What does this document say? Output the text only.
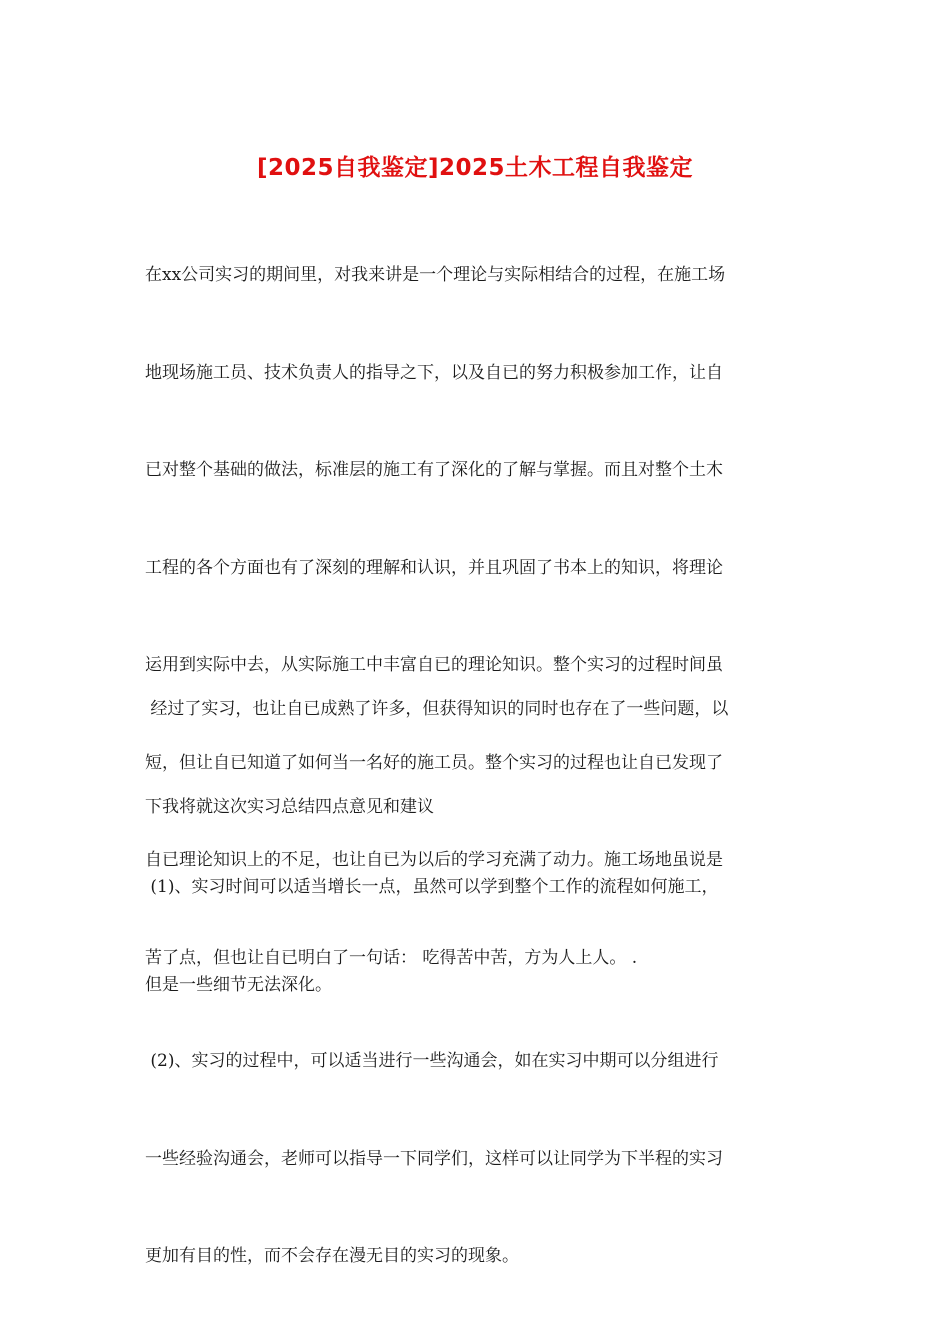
[2025自我鉴定]2025土木工程自我鉴定

在xx公司实习的期间里，对我来讲是一个理论与实际相结合的过程，在施工场

地现场施工员、技术负责人的指导之下，以及自已的努力积极参加工作，让自

已对整个基础的做法，标准层的施工有了深化的了解与掌握。而且对整个土木

工程的各个方面也有了深刻的理解和认识，并且巩固了书本上的知识，将理论

运用到实际中去，从实际施工中丰富自已的理论知识。整个实习的过程时间虽

短，但让自已知道了如何当一名好的施工员。整个实习的过程也让自已发现了

自已理论知识上的不足，也让自已为以后的学习充满了动力。施工场地虽说是

苦了点，但也让自已明白了一句话： 吃得苦中苦，方为人上人。 .

经过了实习，也让自已成熟了许多，但获得知识的同时也存在了一些问题，以

下我将就这次实习总结四点意见和建议

(1)、实习时间可以适当增长一点，虽然可以学到整个工作的流程如何施工，

但是一些细节无法深化。

(2)、实习的过程中，可以适当进行一些沟通会，如在实习中期可以分组进行

一些经验沟通会，老师可以指导一下同学们，这样可以让同学为下半程的实习

更加有目的性，而不会存在漫无目的实习的现象。
